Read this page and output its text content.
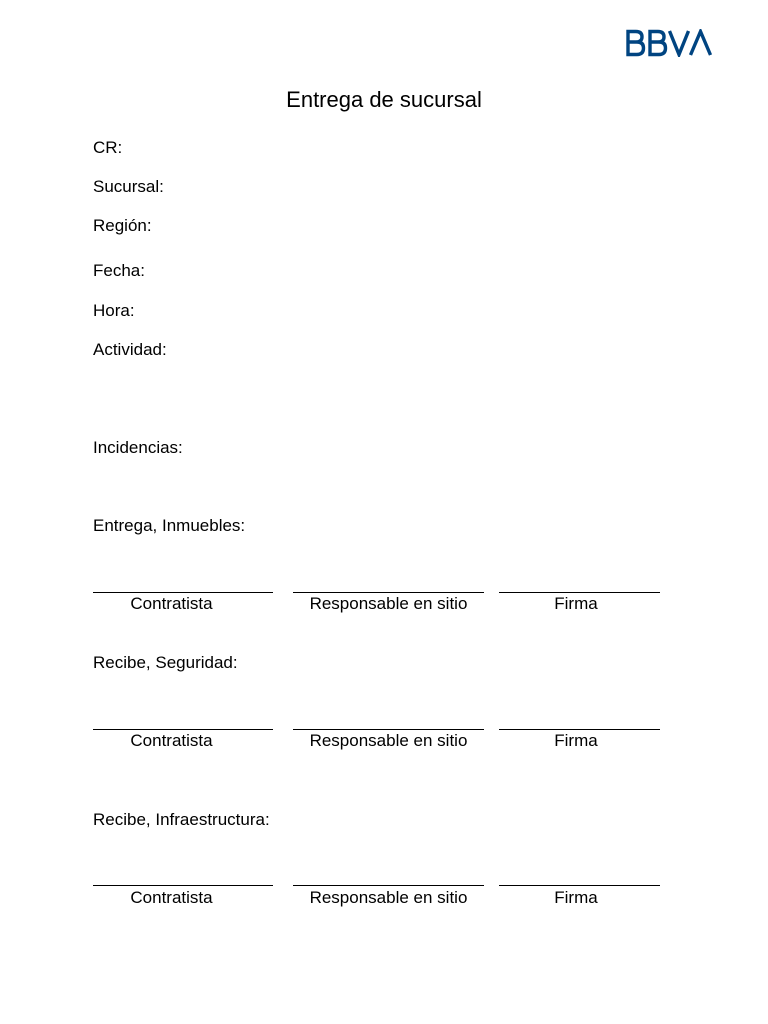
Entrega de sucursal
CR:
Sucursal:
Región:
Fecha:
Hora:
Actividad:
Incidencias:
Entrega, Inmuebles:
Contratista	Responsable en sitio	Firma
Recibe, Seguridad:
Contratista	Responsable en sitio	Firma
Recibe, Infraestructura:
Contratista	Responsable en sitio	Firma
